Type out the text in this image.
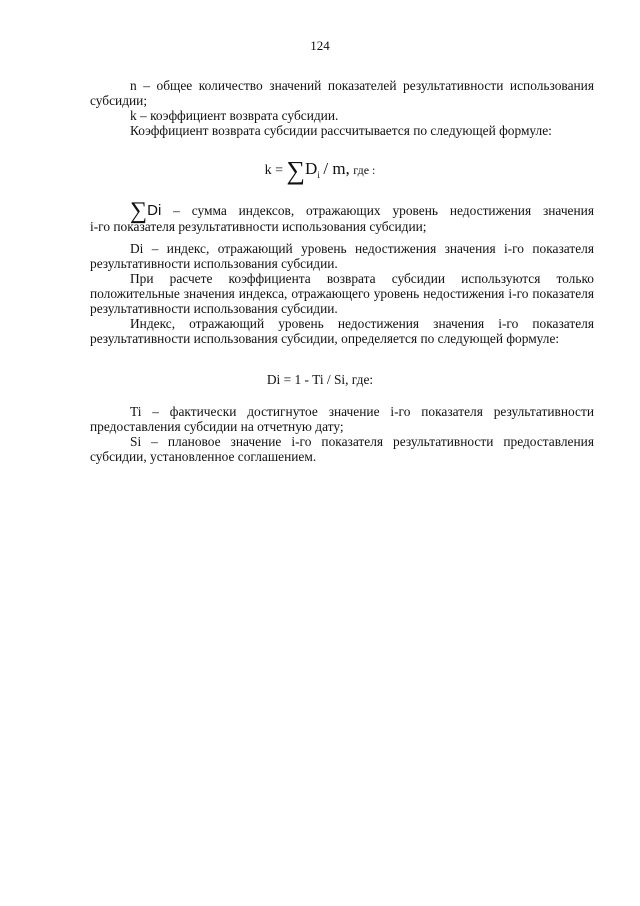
124

n – общее количество значений показателей результативности использования субсидии;

k – коэффициент возврата субсидии.

Коэффициент возврата субсидии рассчитывается по следующей формуле:

$k = \sum D_i / m$, где :
∑Di – сумма индексов, отражающих уровень недостижения значения
i-го показателя результативности использования субсидии;

Di – индекс, отражающий уровень недостижения значения i-го показателя результативности использования субсидии.

При расчете коэффициента возврата субсидии используются только положительные значения индекса, отражающего уровень недостижения i-го показателя результативности использования субсидии.

Индекс, отражающий уровень недостижения значения i-го показателя результативности использования субсидии, определяется по следующей формуле:

Di = 1 - Ti / Si, где:

Ti – фактически достигнутое значение i-го показателя результативности предоставления субсидии на отчетную дату;

Si – плановое значение i-го показателя результативности предоставления субсидии, установленное соглашением.
